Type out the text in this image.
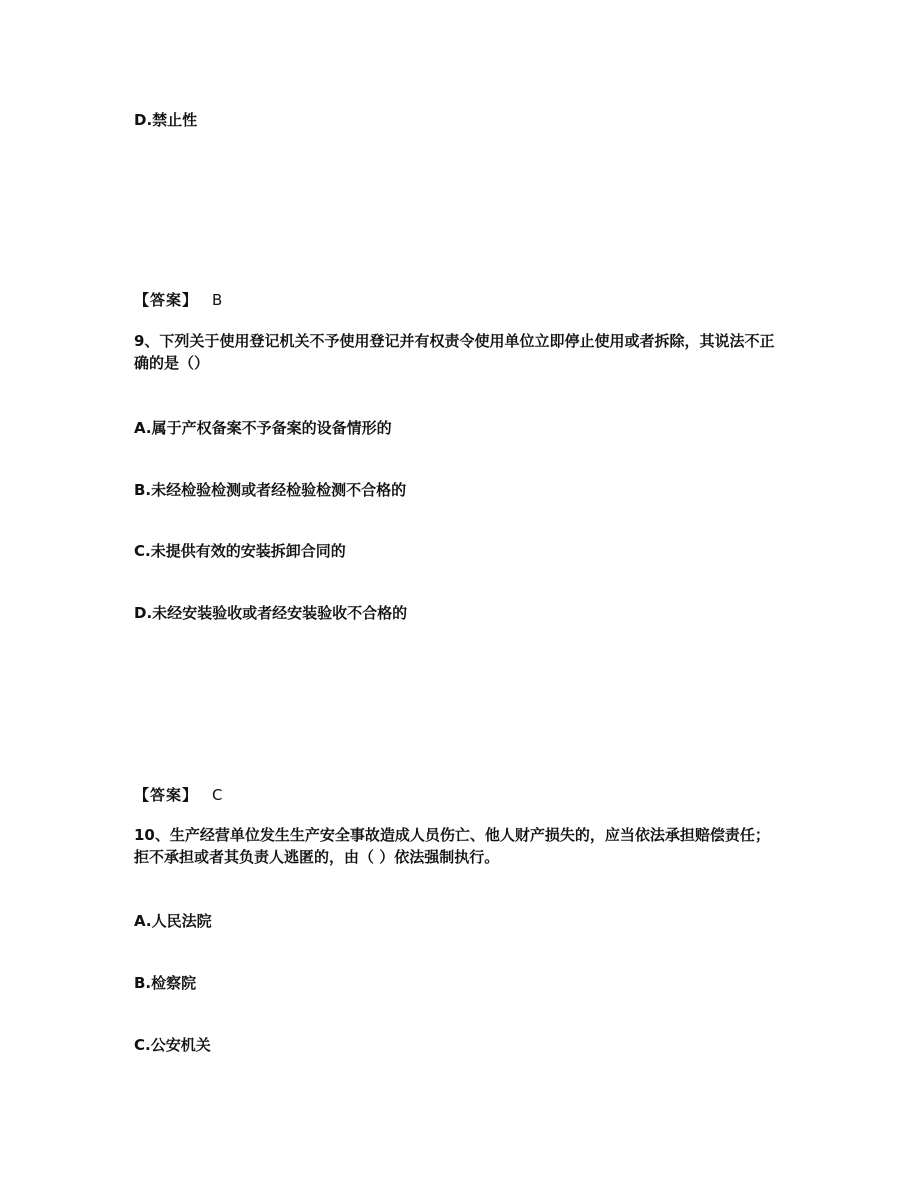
D.禁止性
【答案】 B
9、下列关于使用登记机关不予使用登记并有权责令使用单位立即停止使用或者拆除，其说法不正确的是（）
A.属于产权备案不予备案的设备情形的
B.未经检验检测或者经检验检测不合格的
C.未提供有效的安装拆卸合同的
D.未经安装验收或者经安装验收不合格的
【答案】 C
10、生产经营单位发生生产安全事故造成人员伤亡、他人财产损失的，应当依法承担赔偿责任；拒不承担或者其负责人逃匿的，由（ ）依法强制执行。
A.人民法院
B.检察院
C.公安机关
